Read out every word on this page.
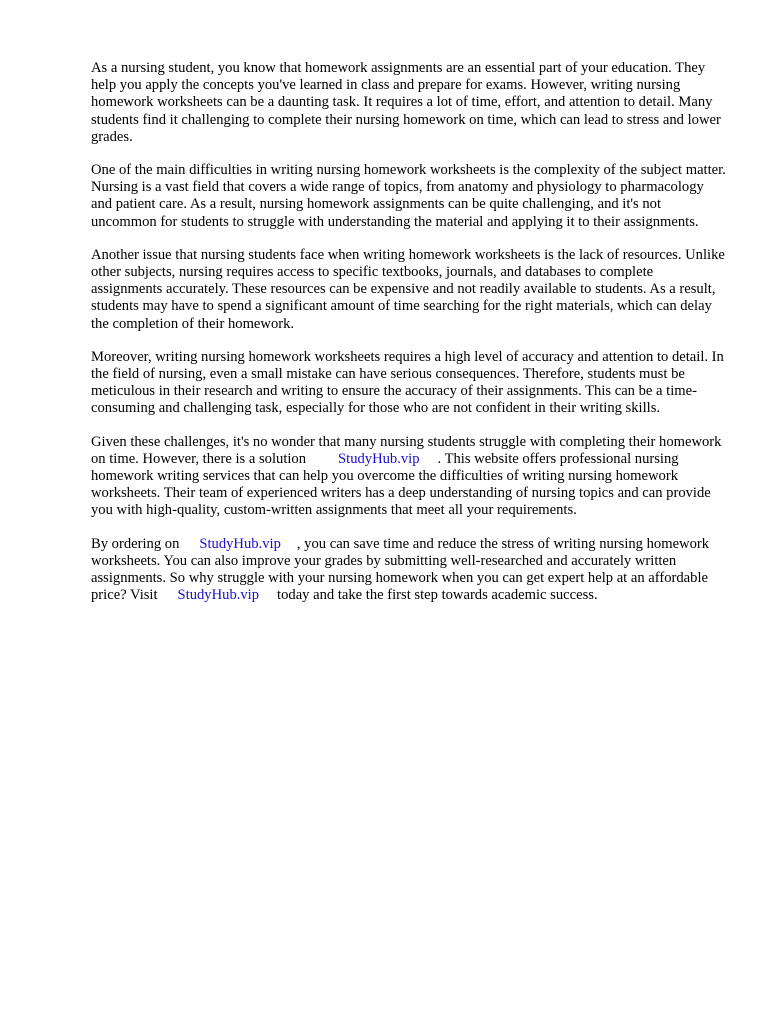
As a nursing student, you know that homework assignments are an essential part of your education. They help you apply the concepts you've learned in class and prepare for exams. However, writing nursing homework worksheets can be a daunting task. It requires a lot of time, effort, and attention to detail. Many students find it challenging to complete their nursing homework on time, which can lead to stress and lower grades.

One of the main difficulties in writing nursing homework worksheets is the complexity of the subject matter. Nursing is a vast field that covers a wide range of topics, from anatomy and physiology to pharmacology and patient care. As a result, nursing homework assignments can be quite challenging, and it's not uncommon for students to struggle with understanding the material and applying it to their assignments.

Another issue that nursing students face when writing homework worksheets is the lack of resources. Unlike other subjects, nursing requires access to specific textbooks, journals, and databases to complete assignments accurately. These resources can be expensive and not readily available to students. As a result, students may have to spend a significant amount of time searching for the right materials, which can delay the completion of their homework.

Moreover, writing nursing homework worksheets requires a high level of accuracy and attention to detail. In the field of nursing, even a small mistake can have serious consequences. Therefore, students must be meticulous in their research and writing to ensure the accuracy of their assignments. This can be a time-consuming and challenging task, especially for those who are not confident in their writing skills.

Given these challenges, it's no wonder that many nursing students struggle with completing their homework on time. However, there is a solution StudyHub.vip . This website offers professional nursing homework writing services that can help you overcome the difficulties of writing nursing homework worksheets. Their team of experienced writers has a deep understanding of nursing topics and can provide you with high-quality, custom-written assignments that meet all your requirements.

By ordering on StudyHub.vip , you can save time and reduce the stress of writing nursing homework worksheets. You can also improve your grades by submitting well-researched and accurately written assignments. So why struggle with your nursing homework when you can get expert help at an affordable price? Visit StudyHub.vip today and take the first step towards academic success.
